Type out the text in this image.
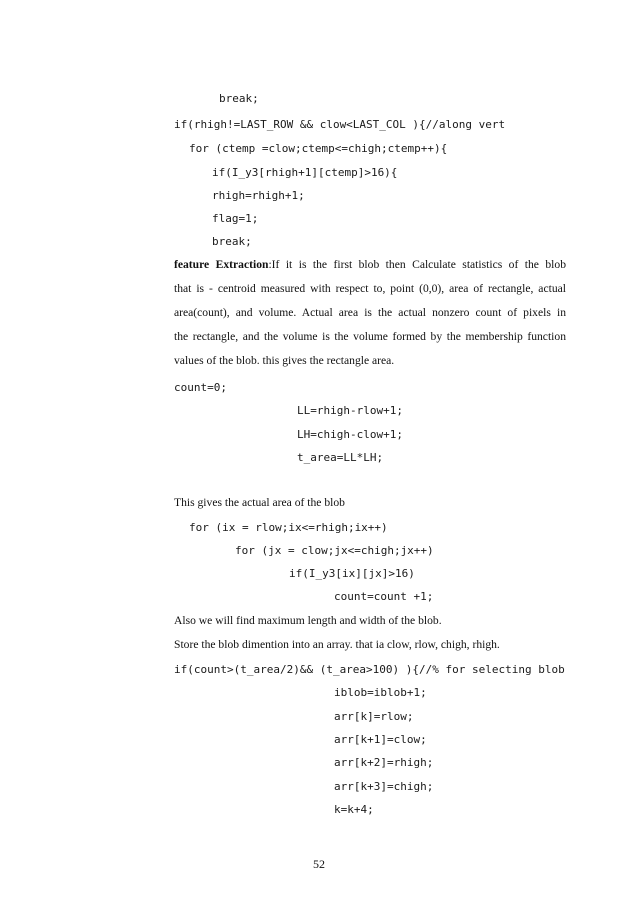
break;
if(rhigh!=LAST_ROW && clow<LAST_COL ){//along vert
for (ctemp =clow;ctemp<=chigh;ctemp++){
if(I_y3[rhigh+1][ctemp]>16){
rhigh=rhigh+1;
flag=1;
break;
feature Extraction:If it is the first blob then Calculate statistics of the blob
that is - centroid measured with respect to, point (0,0), area of rectangle, actual
area(count), and volume. Actual area is the actual nonzero count of pixels in
the rectangle, and the volume is the volume formed by the membership function
values of the blob. this gives the rectangle area.
count=0;
LL=rhigh-rlow+1;
LH=chigh-clow+1;
t_area=LL*LH;
This gives the actual area of the blob
for (ix = rlow;ix<=rhigh;ix++)
for (jx = clow;jx<=chigh;jx++)
if(I_y3[ix][jx]>16)
count=count +1;
Also we will find maximum length and width of the blob.
Store the blob dimention into an array. that ia clow, rlow, chigh, rhigh.
if(count>(t_area/2)&& (t_area>100) ){//% for selecting blob
iblob=iblob+1;
arr[k]=rlow;
arr[k+1]=clow;
arr[k+2]=rhigh;
arr[k+3]=chigh;
k=k+4;
52
